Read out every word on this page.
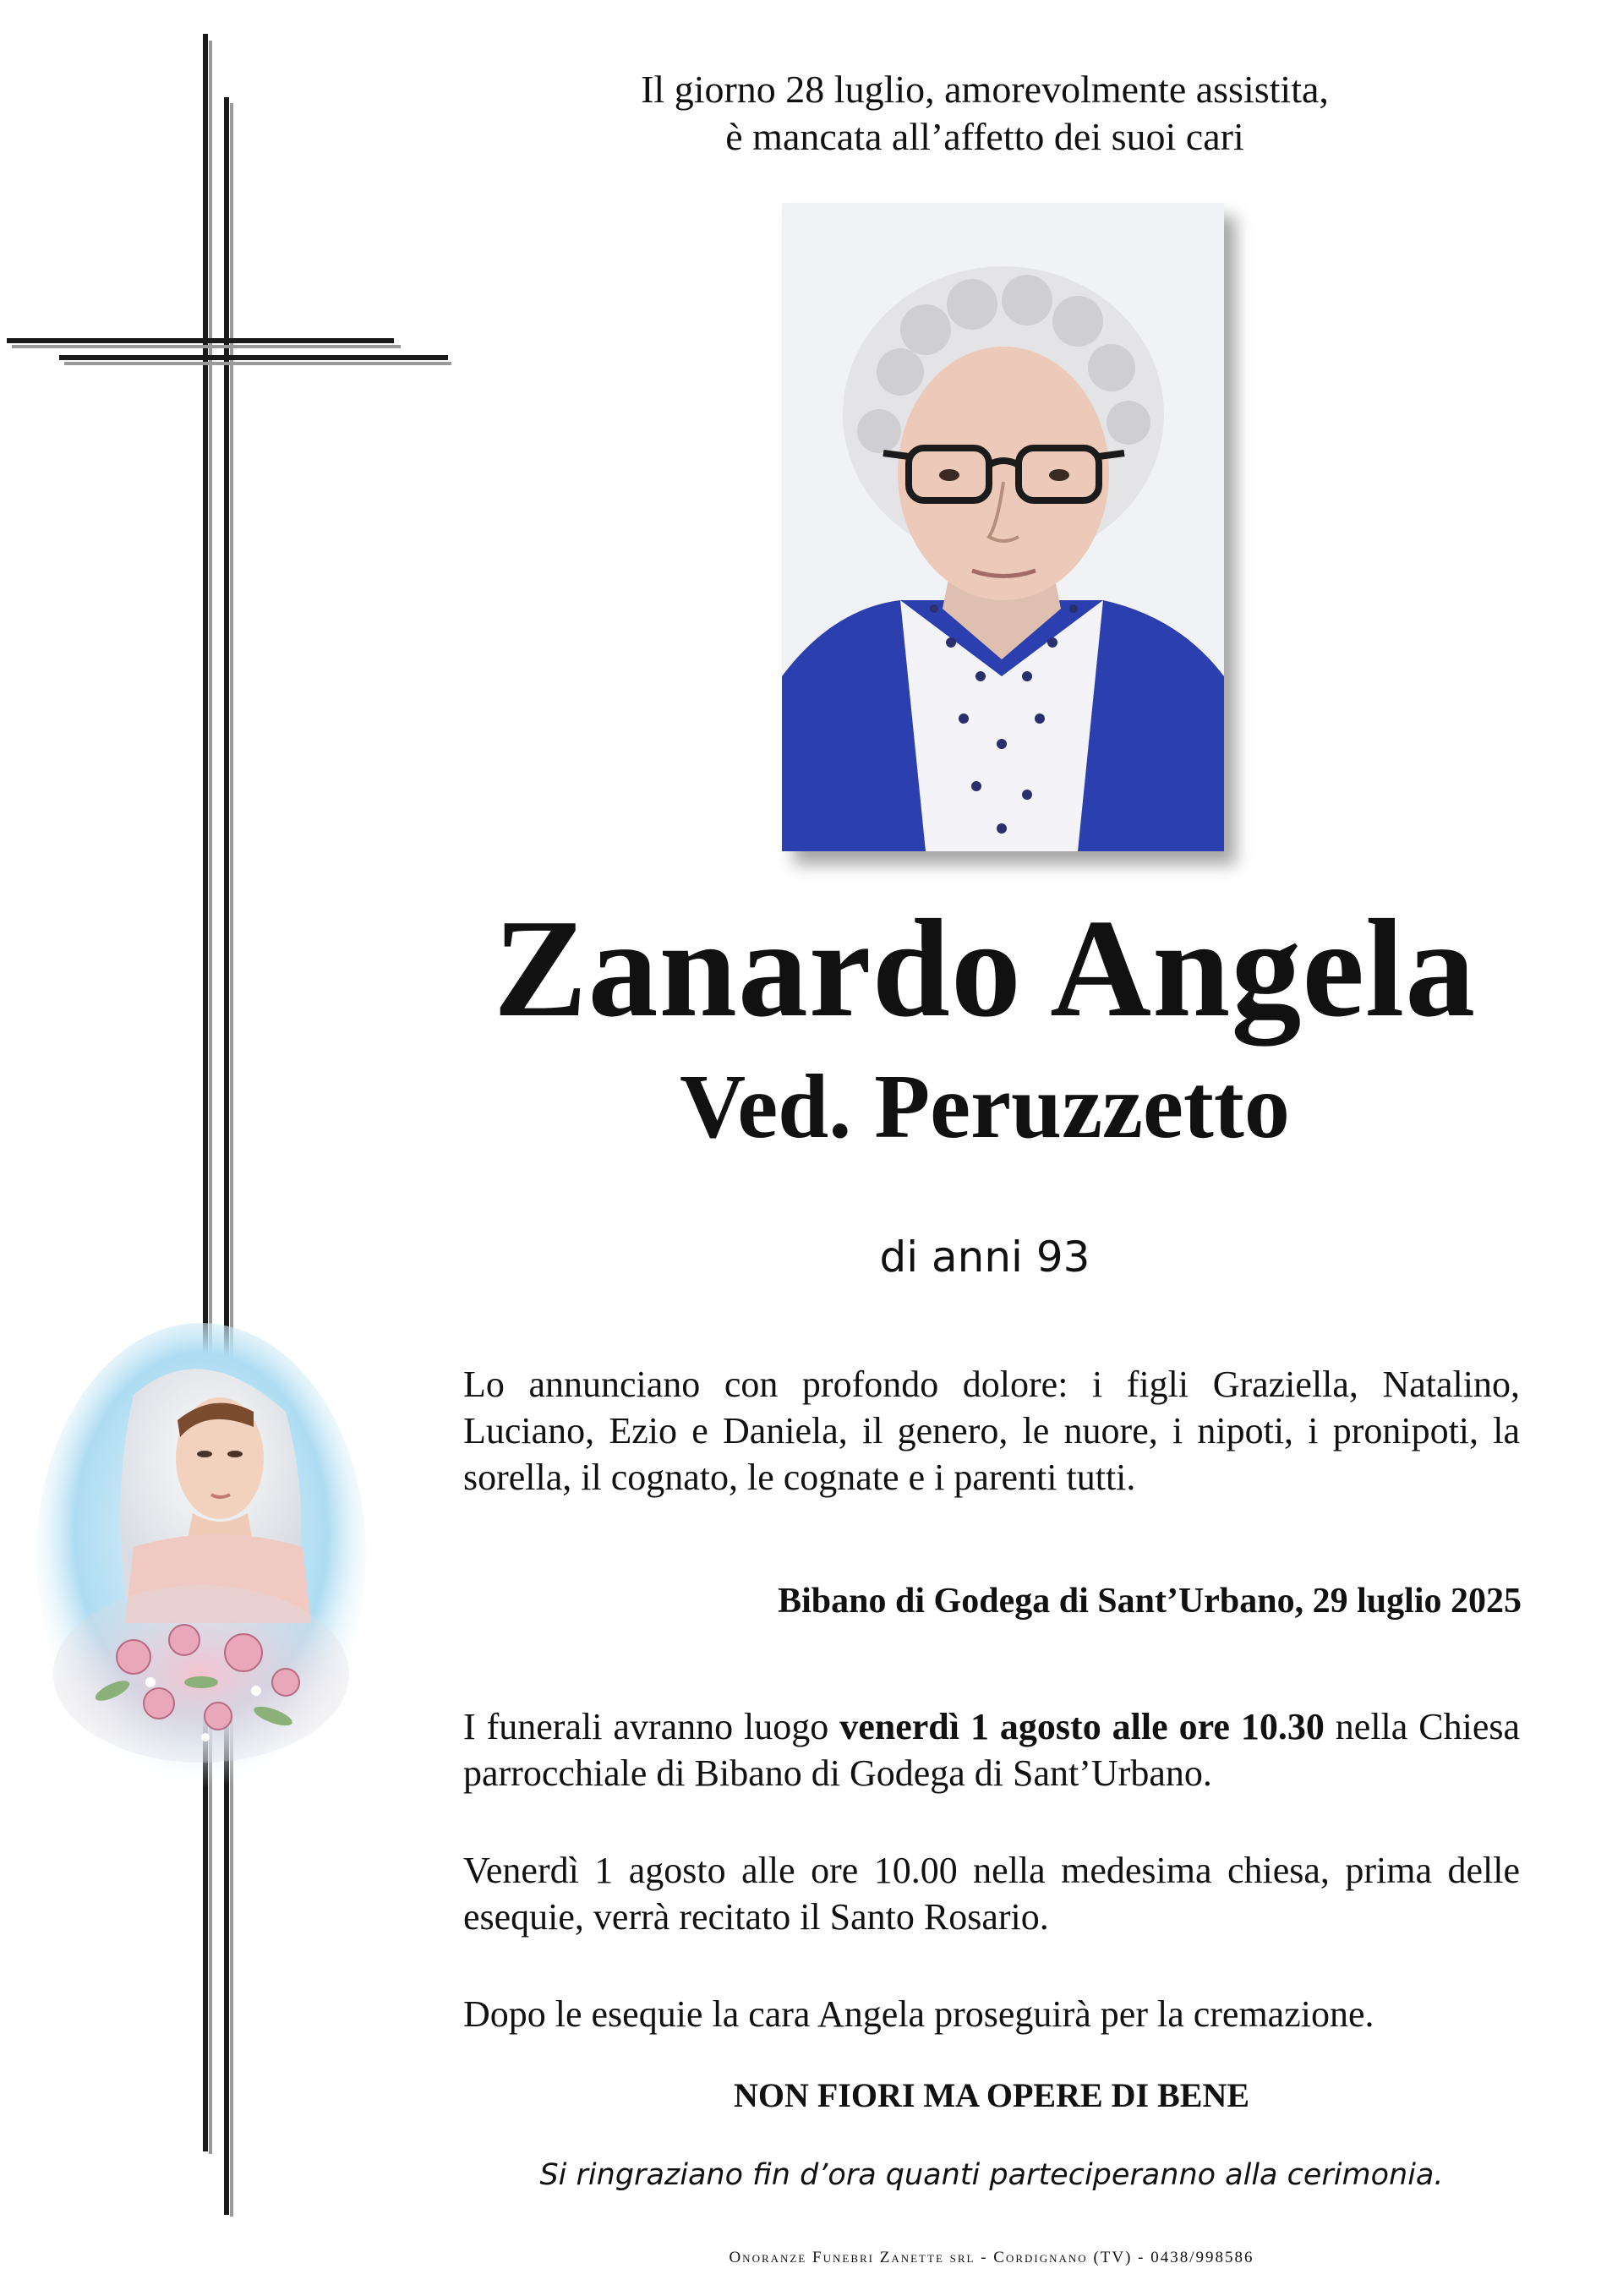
Il giorno 28 luglio, amorevolmente assistita,
è mancata all’affetto dei suoi cari
Zanardo Angela
Ved. Peruzzetto
di anni 93
Lo annunciano con profondo dolore: i figli Graziella, Natalino, Luciano, Ezio e Daniela, il genero, le nuore, i nipoti, i pronipoti, la sorella, il cognato, le cognate e i parenti tutti.
Bibano di Godega di Sant’Urbano, 29 luglio 2025
I funerali avranno luogo venerdì 1 agosto alle ore 10.30 nella Chiesa parrocchiale di Bibano di Godega di Sant’Urbano.
Venerdì 1 agosto alle ore 10.00 nella medesima chiesa, prima delle esequie, verrà recitato il Santo Rosario.
Dopo le esequie la cara Angela proseguirà per la cremazione.
NON FIORI MA OPERE DI BENE
Si ringraziano fin d’ora quanti parteciperanno alla cerimonia.
Onoranze Funebri Zanette srl - Cordignano (TV) - 0438/998586
